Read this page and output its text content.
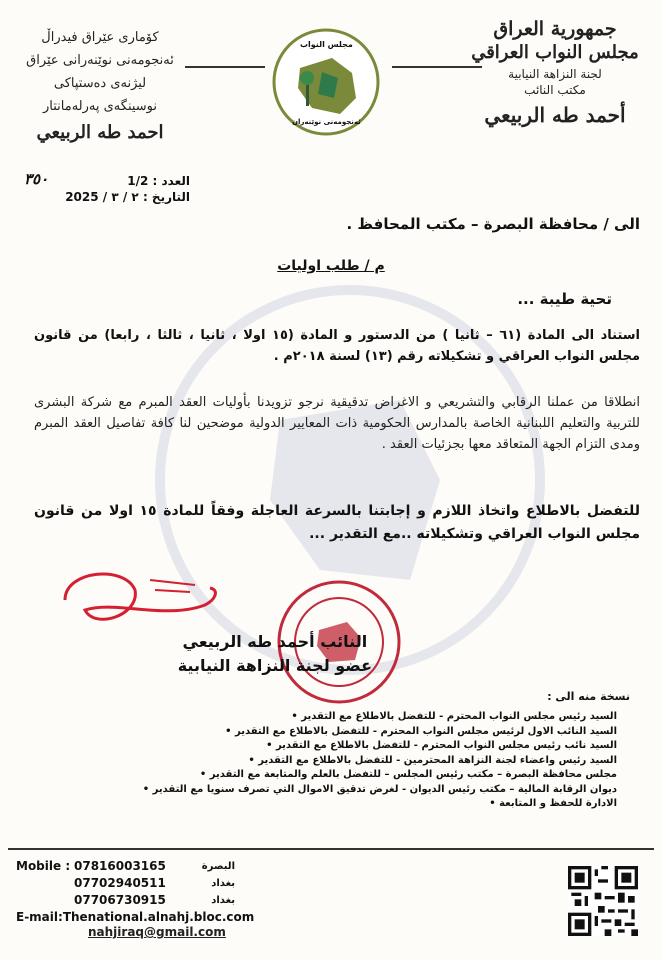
جمهورية العراق
مجلس النواب العراقي
لجنة النزاهة النيابية
مكتب النائب
أحمد طه الربيعي
كۆماری عێراق فیدراڵ
ئەنجومەنی نوێنەرانی عێراق
لیژنەی دەستپاکی
نوسینگەی پەرلەمانتار
احمد طه الربيعي
مجلس النواب
ئەنجومەنی نوێنەران
العدد : 1/2
التاريخ : ٢ / ٣ / 2025
٣٥٠
الى / محافظة البصرة – مكتب المحافظ .
م / طلب اوليات
تحية طيبة ...
استناد الى المادة (٦١ – ثانيا ) من الدستور و المادة (١٥ اولا ، ثانيا ، ثالثا ، رابعا) من قانون مجلس النواب العراقي و تشكيلاته رقم (١٣) لسنة ٢٠١٨م .
انطلاقا من عملنا الرقابي والتشريعي و الاغراض تدقيقية نرجو تزويدنا بأوليات العقد المبرم مع شركة البشرى للتربية والتعليم اللبنانية الخاصة بالمدارس الحكومية ذات المعايير الدولية موضحين لنا كافة تفاصيل العقد المبرم ومدى التزام الجهة المتعاقد معها بجزئيات العقد .
للتفضل بالاطلاع واتخاذ اللازم و إجابتنا بالسرعة العاجلة وفقاً للمادة ١٥ اولا من قانون مجلس النواب العراقي وتشكيلاته ..مع التقدير ...
النائب أحمد طه الربيعي
عضو لجنة النزاهة النيابية
نسخة منه الى :
السيد رئيس مجلس النواب المحترم - للتفضل بالاطلاع مع التقدير •
السيد النائب الاول لرئيس مجلس النواب المحترم - للتفضل بالاطلاع مع التقدير •
السيد نائب رئيس مجلس النواب المحترم - للتفضل بالاطلاع مع التقدير •
السيد رئيس واعضاء لجنة النزاهة المحترمين - للتفضل بالاطلاع مع التقدير •
مجلس محافظة البصرة – مكتب رئيس المجلس – للتفضل بالعلم والمتابعة مع التقدير •
ديوان الرقابة المالية – مكتب رئيس الديوان - لغرض تدقيق الاموال التي تصرف سنويا مع التقدير •
الادارة للحفظ و المتابعة •
Mobile : 07816003165
07702940511
07706730915
E-mail:Thenational.alnahj.bloc.com
البصرة
بغداد
بغداد
nahjiraq@gmail.com
